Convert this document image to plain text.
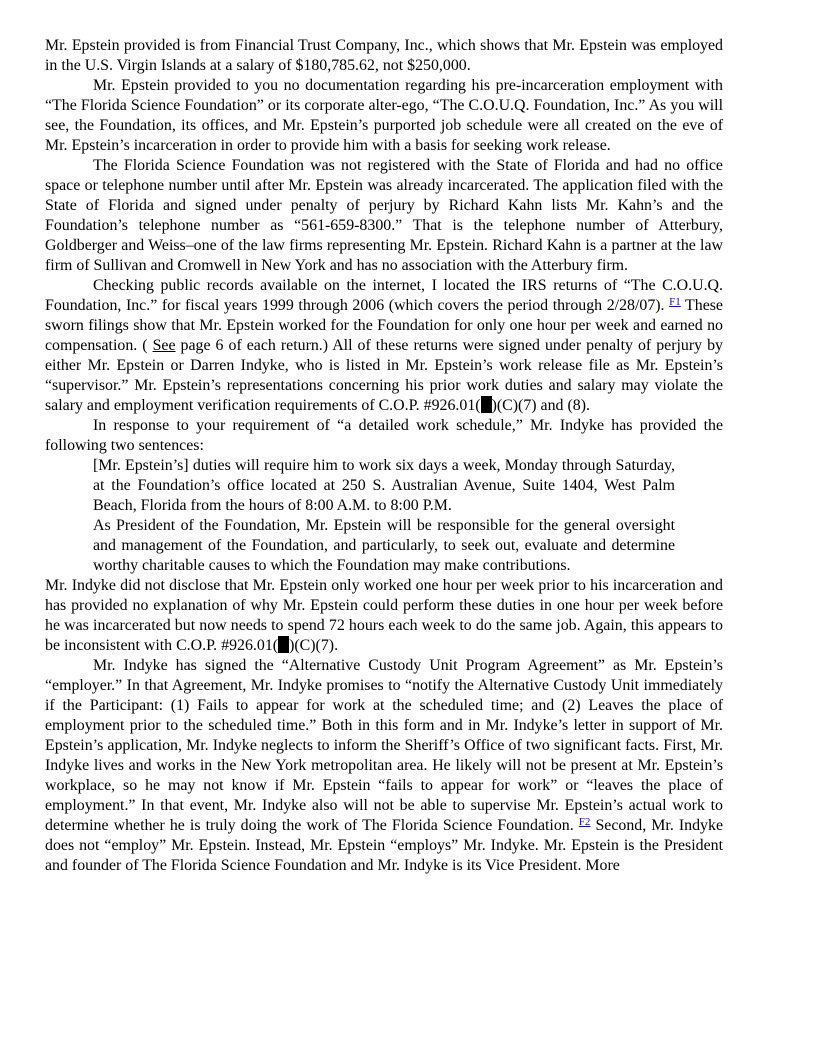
Mr. Epstein provided is from Financial Trust Company, Inc., which shows that Mr. Epstein was employed in the U.S. Virgin Islands at a salary of $180,785.62, not $250,000.

Mr. Epstein provided to you no documentation regarding his pre-incarceration employment with “The Florida Science Foundation” or its corporate alter-ego, “The C.O.U.Q. Foundation, Inc.” As you will see, the Foundation, its offices, and Mr. Epstein’s purported job schedule were all created on the eve of Mr. Epstein’s incarceration in order to provide him with a basis for seeking work release.

The Florida Science Foundation was not registered with the State of Florida and had no office space or telephone number until after Mr. Epstein was already incarcerated. The application filed with the State of Florida and signed under penalty of perjury by Richard Kahn lists Mr. Kahn’s and the Foundation’s telephone number as “561-659-8300.” That is the telephone number of Atterbury, Goldberger and Weiss–one of the law firms representing Mr. Epstein. Richard Kahn is a partner at the law firm of Sullivan and Cromwell in New York and has no association with the Atterbury firm.

Checking public records available on the internet, I located the IRS returns of “The C.O.U.Q. Foundation, Inc.” for fiscal years 1999 through 2006 (which covers the period through 2/28/07). $^{F1}$ These sworn filings show that Mr. Epstein worked for the Foundation for only one hour per week and earned no compensation. ( See page 6 of each return.) All of these returns were signed under penalty of perjury by either Mr. Epstein or Darren Indyke, who is listed in Mr. Epstein’s work release file as Mr. Epstein’s “supervisor.” Mr. Epstein’s representations concerning his prior work duties and salary may violate the salary and employment verification requirements of C.O.P. #926.01( )(C)(7) and (8).

In response to your requirement of “a detailed work schedule,” Mr. Indyke has provided the following two sentences:

[Mr. Epstein’s] duties will require him to work six days a week, Monday through Saturday, at the Foundation’s office located at 250 S. Australian Avenue, Suite 1404, West Palm Beach, Florida from the hours of 8:00 A.M. to 8:00 P.M.

As President of the Foundation, Mr. Epstein will be responsible for the general oversight and management of the Foundation, and particularly, to seek out, evaluate and determine worthy charitable causes to which the Foundation may make contributions.

Mr. Indyke did not disclose that Mr. Epstein only worked one hour per week prior to his incarceration and has provided no explanation of why Mr. Epstein could perform these duties in one hour per week before he was incarcerated but now needs to spend 72 hours each week to do the same job. Again, this appears to be inconsistent with C.O.P. #926.01( )(C)(7).

Mr. Indyke has signed the “Alternative Custody Unit Program Agreement” as Mr. Epstein’s “employer.” In that Agreement, Mr. Indyke promises to “notify the Alternative Custody Unit immediately if the Participant: (1) Fails to appear for work at the scheduled time; and (2) Leaves the place of employment prior to the scheduled time.” Both in this form and in Mr. Indyke’s letter in support of Mr. Epstein’s application, Mr. Indyke neglects to inform the Sheriff’s Office of two significant facts. First, Mr. Indyke lives and works in the New York metropolitan area. He likely will not be present at Mr. Epstein’s workplace, so he may not know if Mr. Epstein “fails to appear for work” or “leaves the place of employment.” In that event, Mr. Indyke also will not be able to supervise Mr. Epstein’s actual work to determine whether he is truly doing the work of The Florida Science Foundation. $^{F2}$ Second, Mr. Indyke does not “employ” Mr. Epstein. Instead, Mr. Epstein “employs” Mr. Indyke. Mr. Epstein is the President and founder of The Florida Science Foundation and Mr. Indyke is its Vice President. More
